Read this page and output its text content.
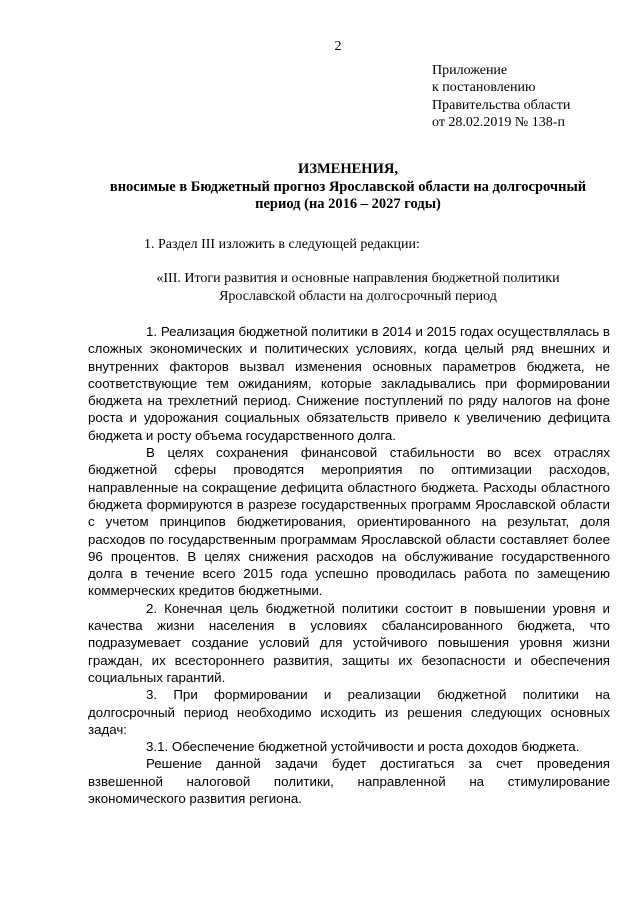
2
Приложение
к постановлению
Правительства области
от 28.02.2019 № 138-п
ИЗМЕНЕНИЯ,
вносимые в Бюджетный прогноз Ярославской области на долгосрочный
период (на 2016 – 2027 годы)
1. Раздел III изложить в следующей редакции:
«III. Итоги развития и основные направления бюджетной политики
Ярославской области на долгосрочный период

1. Реализация бюджетной политики в 2014 и 2015 годах осуществлялась в сложных экономических и политических условиях, когда целый ряд внешних и внутренних факторов вызвал изменения основных параметров бюджета, не соответствующие тем ожиданиям, которые закладывались при формировании бюджета на трехлетний период. Снижение поступлений по ряду налогов на фоне роста и удорожания социальных обязательств привело к увеличению дефицита бюджета и росту объема государственного долга.

В целях сохранения финансовой стабильности во всех отраслях бюджетной сферы проводятся мероприятия по оптимизации расходов, направленные на сокращение дефицита областного бюджета. Расходы областного бюджета формируются в разрезе государственных программ Ярославской области с учетом принципов бюджетирования, ориентированного на результат, доля расходов по государственным программам Ярославской области составляет более 96 процентов. В целях снижения расходов на обслуживание государственного долга в течение всего 2015 года успешно проводилась работа по замещению коммерческих кредитов бюджетными.

2. Конечная цель бюджетной политики состоит в повышении уровня и качества жизни населения в условиях сбалансированного бюджета, что подразумевает создание условий для устойчивого повышения уровня жизни граждан, их всестороннего развития, защиты их безопасности и обеспечения социальных гарантий.

3. При формировании и реализации бюджетной политики на долгосрочный период необходимо исходить из решения следующих основных задач:

3.1. Обеспечение бюджетной устойчивости и роста доходов бюджета.

Решение данной задачи будет достигаться за счет проведения взвешенной налоговой политики, направленной на стимулирование экономического развития региона.
